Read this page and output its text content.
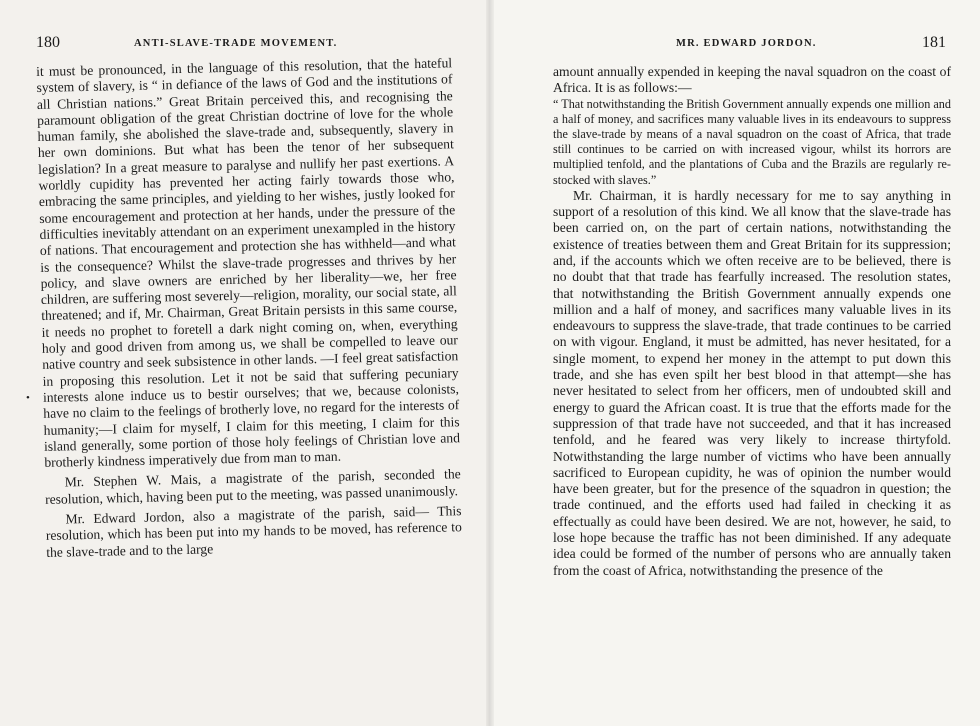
180	ANTI-SLAVE-TRADE MOVEMENT.
•

it must be pronounced, in the language of this resolution, that the hateful system of slavery, is “ in defiance of the laws of God and the institutions of all Christian nations.” Great Britain perceived this, and recognising the paramount obligation of the great Christian doctrine of love for the whole human family, she abolished the slave-trade and, subsequently, slavery in her own dominions. But what has been the tenor of her subsequent legislation? In a great measure to paralyse and nullify her past exertions. A worldly cupidity has prevented her acting fairly towards those who, embracing the same principles, and yielding to her wishes, justly looked for some encouragement and protection at her hands, under the pressure of the difficulties inevitably attendant on an experiment unexampled in the history of nations. That encouragement and protection she has withheld—and what is the consequence? Whilst the slave-trade progresses and thrives by her policy, and slave owners are enriched by her liberality—we, her free children, are suffering most severely—religion, morality, our social state, all threatened; and if, Mr. Chairman, Great Britain persists in this same course, it needs no prophet to foretell a dark night coming on, when, everything holy and good driven from among us, we shall be compelled to leave our native country and seek subsistence in other lands. —I feel great satisfaction in proposing this resolution. Let it not be said that suffering pecuniary interests alone induce us to bestir ourselves; that we, because colonists, have no claim to the feelings of brotherly love, no regard for the interests of humanity;—I claim for myself, I claim for this meeting, I claim for this island generally, some portion of those holy feelings of Christian love and brotherly kindness imperatively due from man to man.

Mr. Stephen W. Mais, a magistrate of the parish, seconded the resolution, which, having been put to the meeting, was passed unanimously.

Mr. Edward Jordon, also a magistrate of the parish, said— This resolution, which has been put into my hands to be moved, has reference to the slave-trade and to the large

MR. EDWARD JORDON.	181

amount annually expended in keeping the naval squadron on the coast of Africa. It is as follows:—

“ That notwithstanding the British Government annually expends one million and a half of money, and sacrifices many valuable lives in its endeavours to suppress the slave-trade by means of a naval squadron on the coast of Africa, that trade still continues to be carried on with increased vigour, whilst its horrors are multiplied tenfold, and the plantations of Cuba and the Brazils are regularly re-stocked with slaves.”

Mr. Chairman, it is hardly necessary for me to say anything in support of a resolution of this kind. We all know that the slave-trade has been carried on, on the part of certain nations, notwithstanding the existence of treaties between them and Great Britain for its suppression; and, if the accounts which we often receive are to be believed, there is no doubt that that trade has fearfully increased. The resolution states, that notwithstanding the British Government annually expends one million and a half of money, and sacrifices many valuable lives in its endeavours to suppress the slave-trade, that trade continues to be carried on with vigour. England, it must be admitted, has never hesitated, for a single moment, to expend her money in the attempt to put down this trade, and she has even spilt her best blood in that attempt—she has never hesitated to select from her officers, men of undoubted skill and energy to guard the African coast. It is true that the efforts made for the suppression of that trade have not succeeded, and that it has increased tenfold, and he feared was very likely to increase thirtyfold. Notwithstanding the large number of victims who have been annually sacrificed to European cupidity, he was of opinion the number would have been greater, but for the presence of the squadron in question; the trade continued, and the efforts used had failed in checking it as effectually as could have been desired. We are not, however, he said, to lose hope because the traffic has not been diminished. If any adequate idea could be formed of the number of persons who are annually taken from the coast of Africa, notwithstanding the presence of the
